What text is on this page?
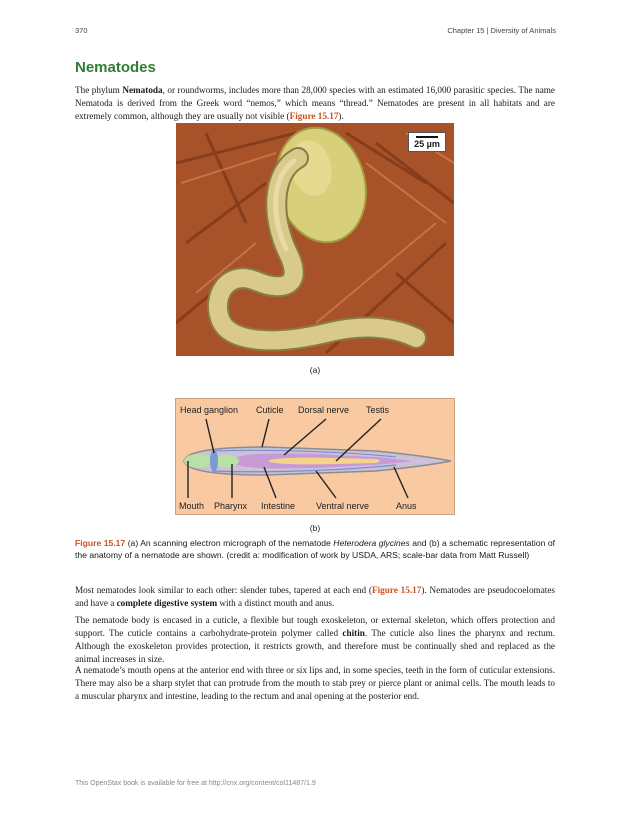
370	Chapter 15 | Diversity of Animals
Nematodes

The phylum Nematoda, or roundworms, includes more than 28,000 species with an estimated 16,000 parasitic species. The name Nematoda is derived from the Greek word “nemos,” which means “thread.” Nematodes are present in all habitats and are extremely common, although they are usually not visible (Figure 15.17).

25 µm
(a)
Head ganglion Cuticle Dorsal nerve Testis
Mouth Pharynx Intestine Ventral nerve	Anus
(b)

Figure 15.17 (a) An scanning electron micrograph of the nematode Heterodera glycines and (b) a schematic representation of the anatomy of a nematode are shown. (credit a: modification of work by USDA, ARS; scale-bar data from Matt Russell)

Most nematodes look similar to each other: slender tubes, tapered at each end (Figure 15.17). Nematodes are pseudocoelomates and have a complete digestive system with a distinct mouth and anus.

The nematode body is encased in a cuticle, a flexible but tough exoskeleton, or external skeleton, which offers protection and support. The cuticle contains a carbohydrate-protein polymer called chitin. The cuticle also lines the pharynx and rectum. Although the exoskeleton provides protection, it restricts growth, and therefore must be continually shed and replaced as the animal increases in size.

A nematode’s mouth opens at the anterior end with three or six lips and, in some species, teeth in the form of cuticular extensions. There may also be a sharp stylet that can protrude from the mouth to stab prey or pierce plant or animal cells. The mouth leads to a muscular pharynx and intestine, leading to the rectum and anal opening at the posterior end.

This OpenStax book is available for free at http://cnx.org/content/col11487/1.9
